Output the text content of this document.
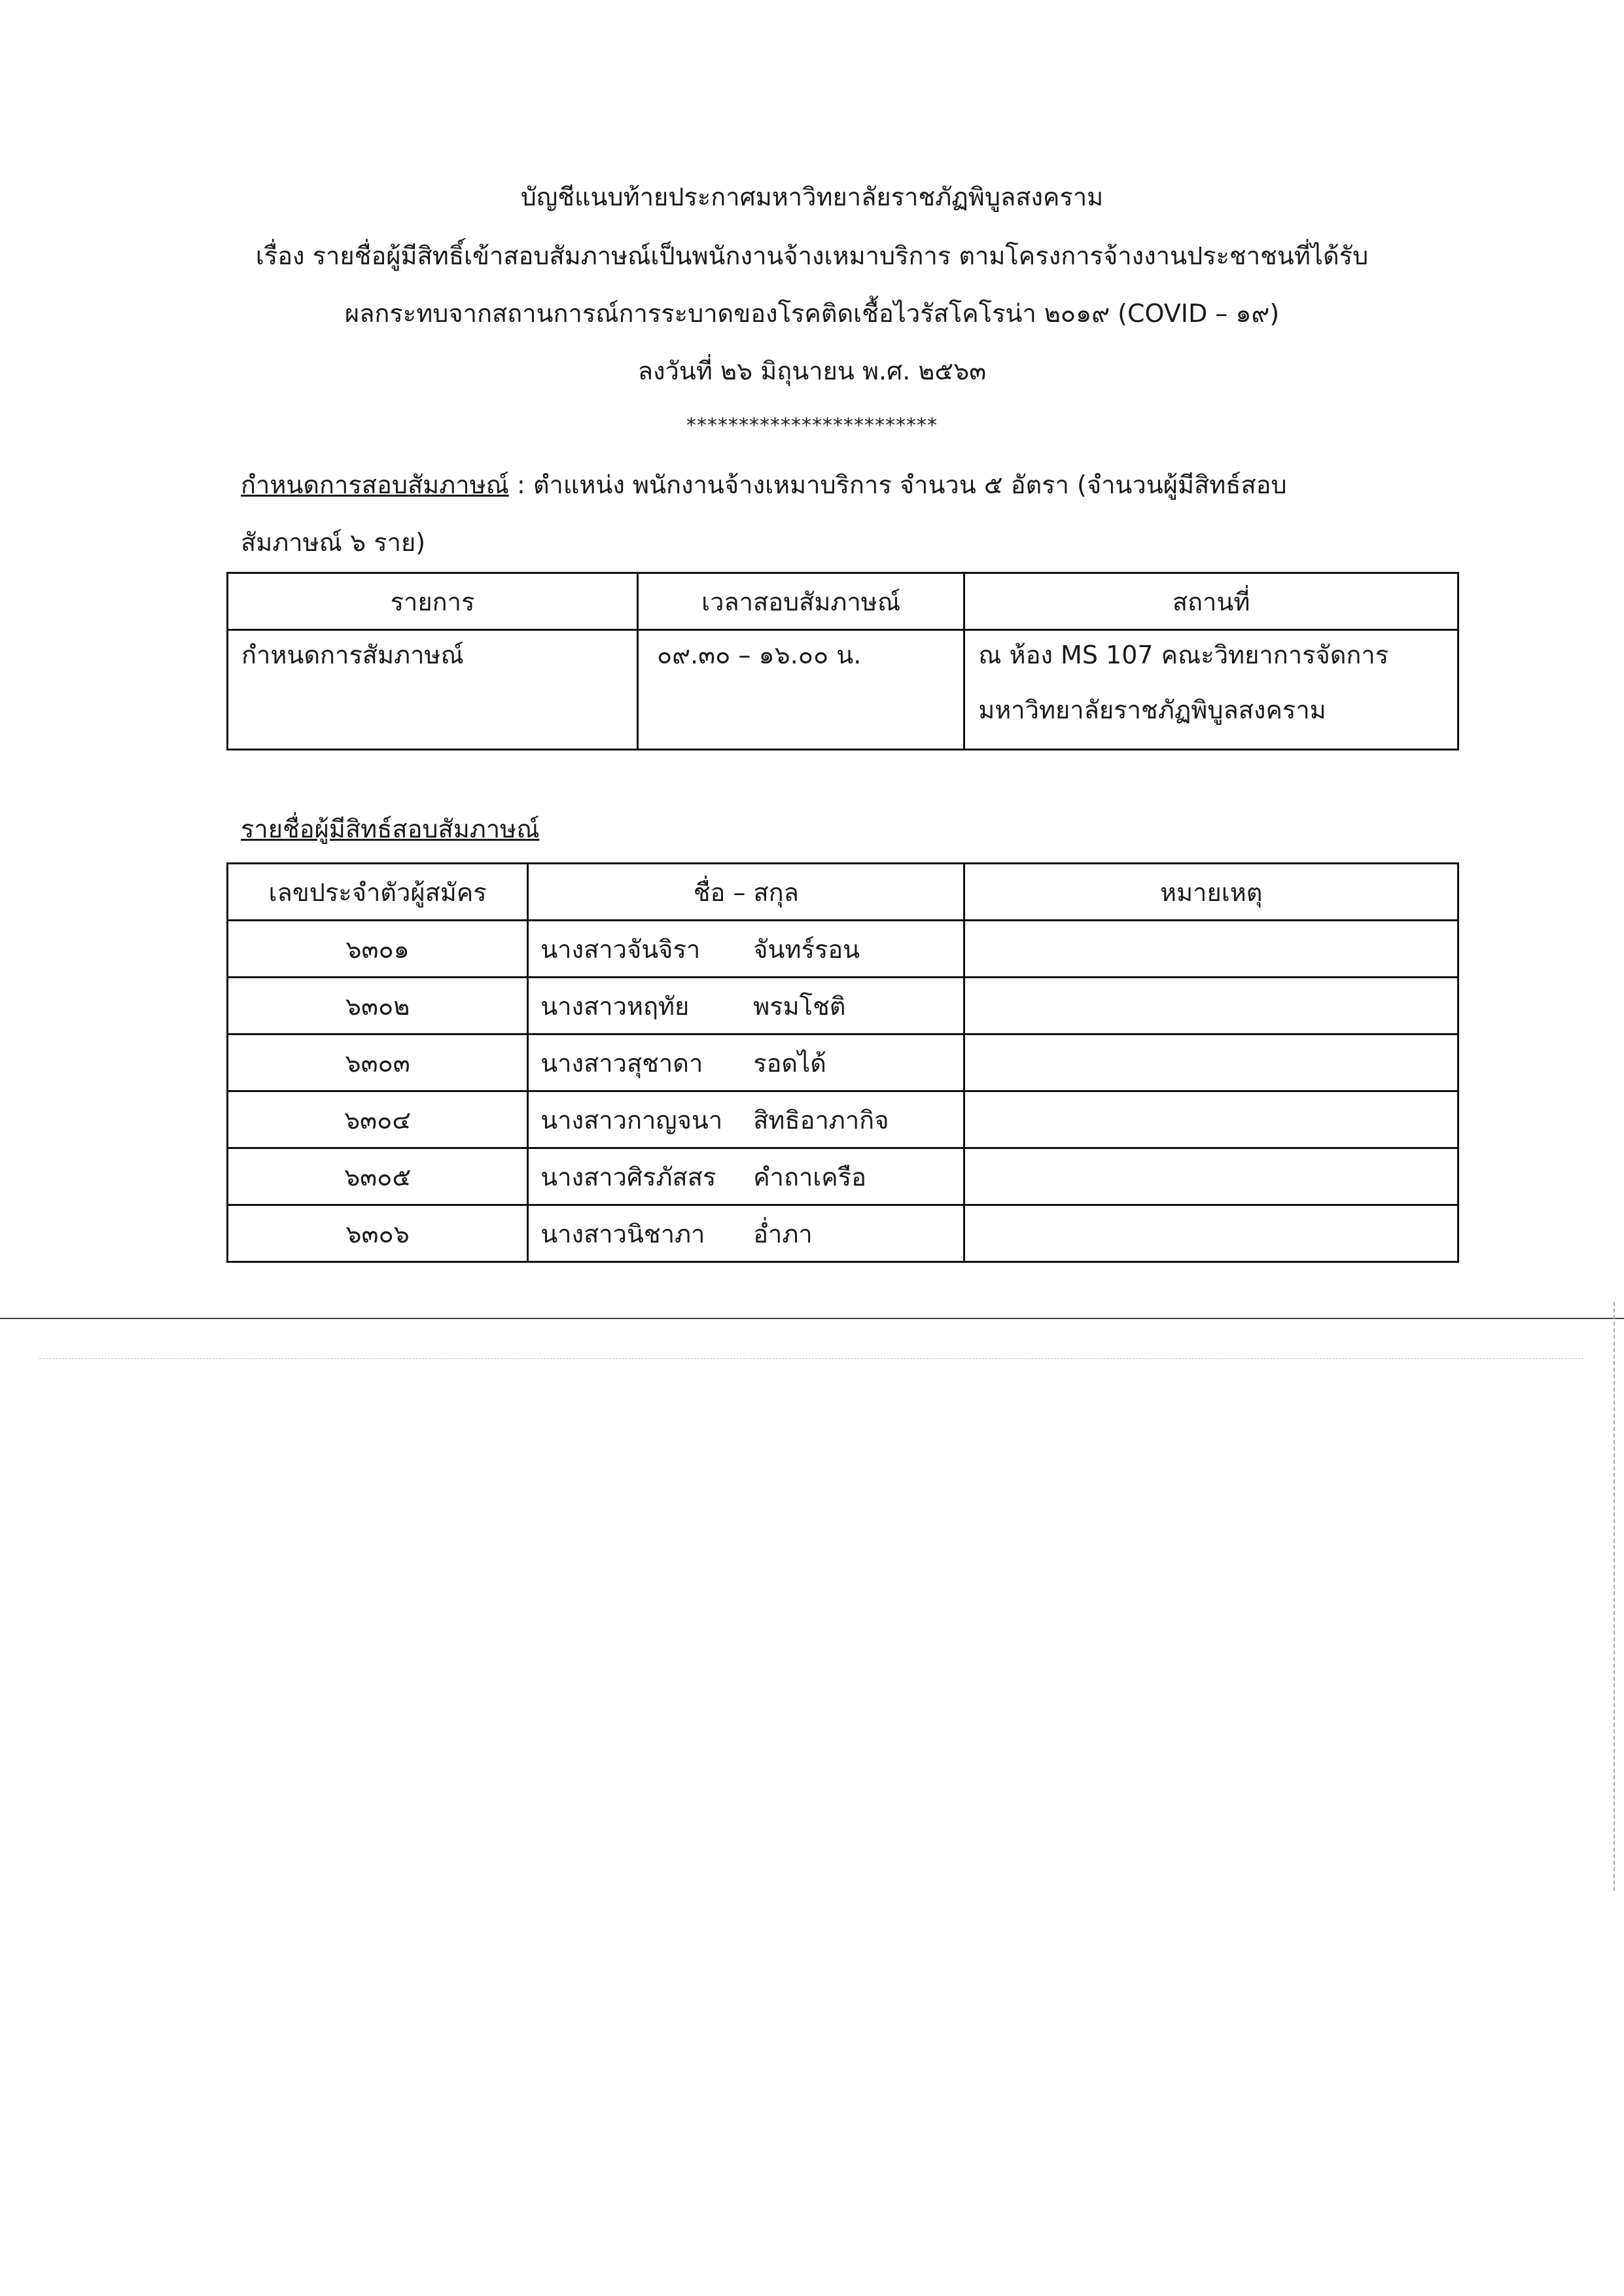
บัญชีแนบท้ายประกาศมหาวิทยาลัยราชภัฏพิบูลสงคราม
เรื่อง รายชื่อผู้มีสิทธิ์เข้าสอบสัมภาษณ์เป็นพนักงานจ้างเหมาบริการ ตามโครงการจ้างงานประชาชนที่ได้รับ
ผลกระทบจากสถานการณ์การระบาดของโรคติดเชื้อไวรัสโคโรน่า ๒๐๑๙ (COVID – ๑๙)
ลงวันที่ ๒๖ มิถุนายน พ.ศ. ๒๕๖๓
************************
กำหนดการสอบสัมภาษณ์ : ตำแหน่ง พนักงานจ้างเหมาบริการ จำนวน ๕ อัตรา (จำนวนผู้มีสิทธ์สอบ
สัมภาษณ์ ๖ ราย)
รายการ	เวลาสอบสัมภาษณ์	สถานที่
กำหนดการสัมภาษณ์	๐๙.๓๐ – ๑๖.๐๐ น.	ณ ห้อง MS 107 คณะวิทยาการจัดการ
มหาวิทยาลัยราชภัฏพิบูลสงคราม
รายชื่อผู้มีสิทธ์สอบสัมภาษณ์
เลขประจำตัวผู้สมัคร	ชื่อ – สกุล	หมายเหตุ
๖๓๐๑	นางสาวจันจิรา จันทร์รอน	
๖๓๐๒	นางสาวหฤทัย พรมโชติ	
๖๓๐๓	นางสาวสุชาดา รอดได้	
๖๓๐๔	นางสาวกาญจนา สิทธิอาภากิจ	
๖๓๐๕	นางสาวศิรภัสสร คำถาเครือ	
๖๓๐๖	นางสาวนิชาภา อ่ำภา	
